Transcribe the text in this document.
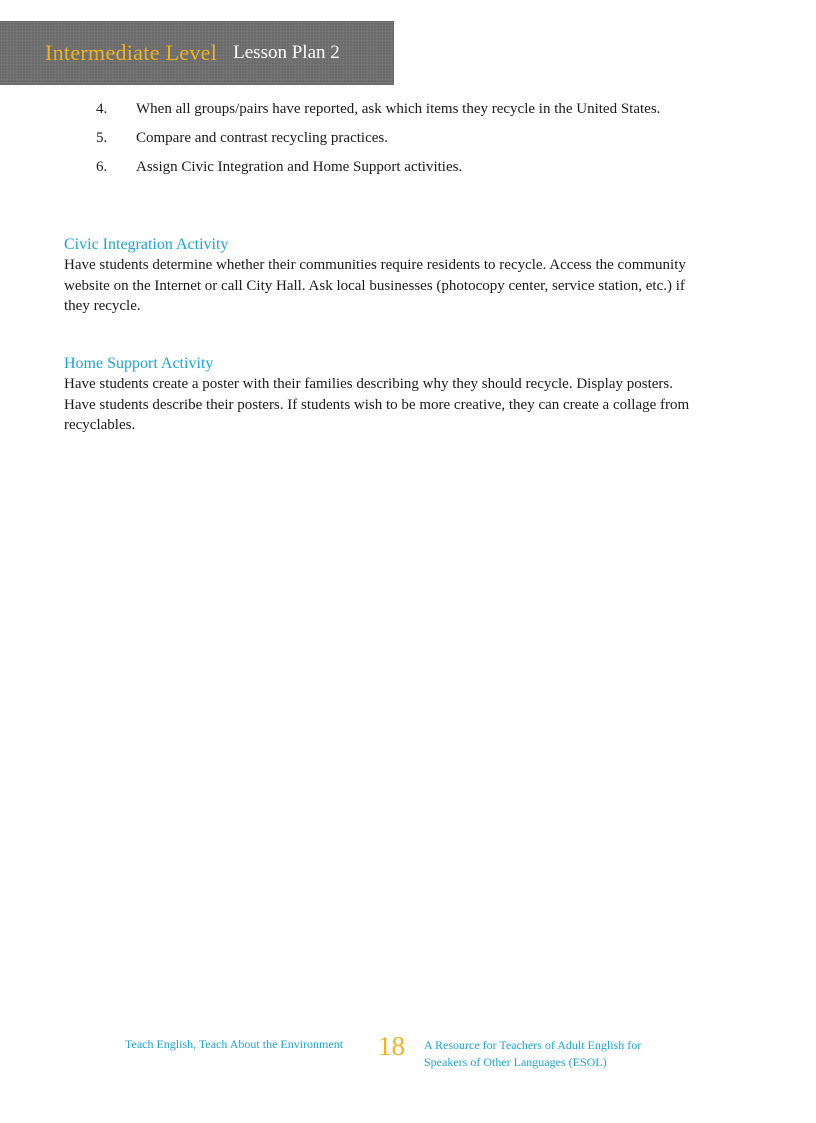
Intermediate Level Lesson Plan 2
4.	When all groups/pairs have reported, ask which items they recycle in the United States.
5.	Compare and contrast recycling practices.
6.	Assign Civic Integration and Home Support activities.
Civic Integration Activity
Have students determine whether their communities require residents to recycle. Access the community website on the Internet or call City Hall. Ask local businesses (photocopy center, service station, etc.) if they recycle.
Home Support Activity
Have students create a poster with their families describing why they should recycle. Display posters. Have students describe their posters. If students wish to be more creative, they can create a collage from recyclables.
Teach English, Teach About the Environment 18 A Resource for Teachers of Adult English for Speakers of Other Languages (ESOL)
